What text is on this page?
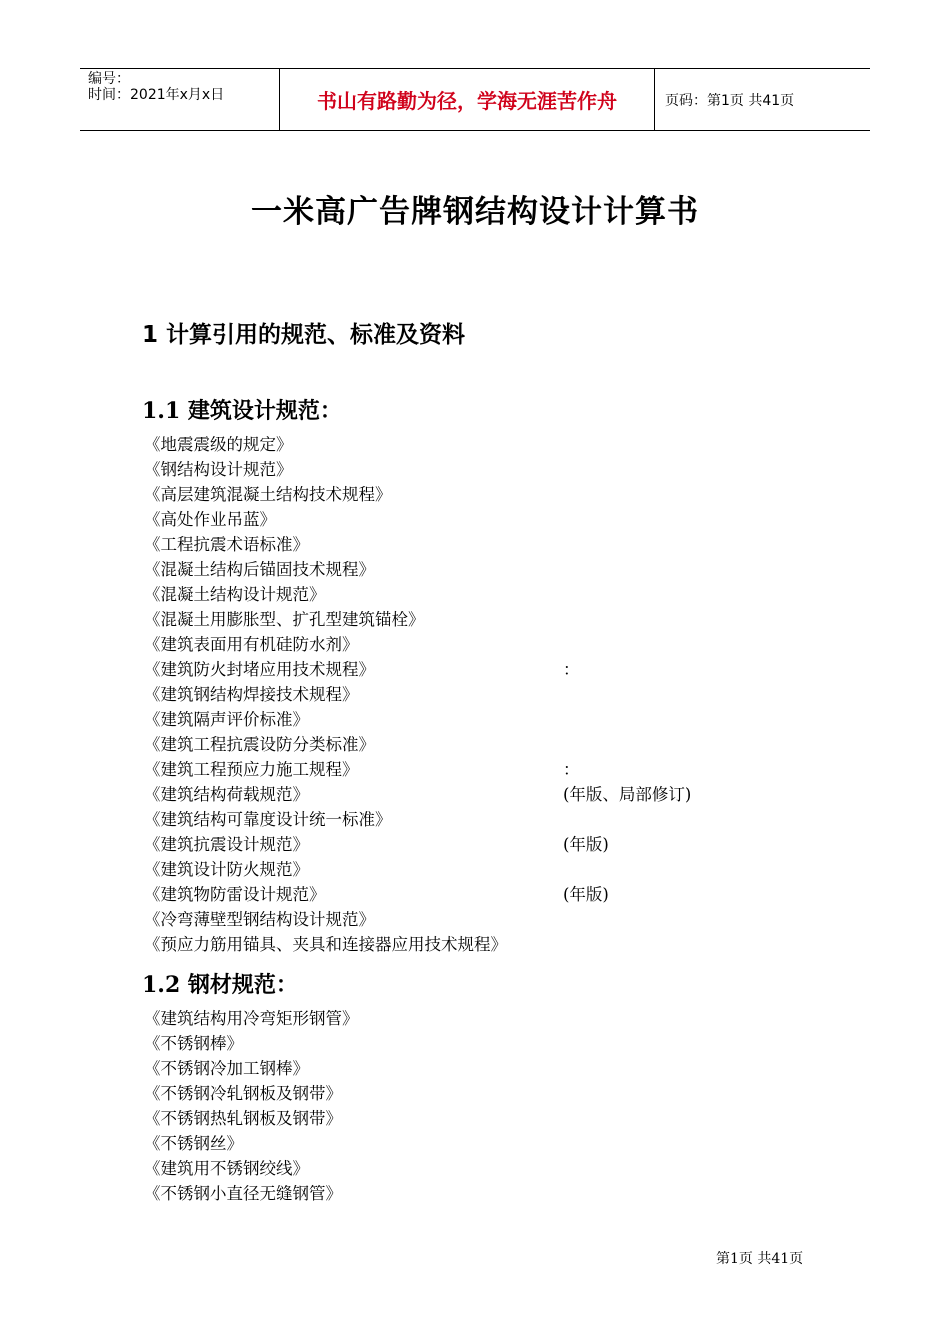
编号：
时间：2021年x月x日	书山有路勤为径，学海无涯苦作舟	页码：第1页 共41页
一米高广告牌钢结构设计计算书
1 计算引用的规范、标准及资料
1.1 建筑设计规范：
《地震震级的规定》
《钢结构设计规范》
《高层建筑混凝土结构技术规程》
《高处作业吊蓝》
《工程抗震术语标准》
《混凝土结构后锚固技术规程》
《混凝土结构设计规范》
《混凝土用膨胀型、扩孔型建筑锚栓》
《建筑表面用有机硅防水剂》
《建筑防火封堵应用技术规程》	：
《建筑钢结构焊接技术规程》
《建筑隔声评价标准》
《建筑工程抗震设防分类标准》
《建筑工程预应力施工规程》	：
《建筑结构荷载规范》	(年版、局部修订)
《建筑结构可靠度设计统一标准》
《建筑抗震设计规范》	(年版)
《建筑设计防火规范》
《建筑物防雷设计规范》	(年版)
《冷弯薄壁型钢结构设计规范》
《预应力筋用锚具、夹具和连接器应用技术规程》
1.2 钢材规范：
《建筑结构用冷弯矩形钢管》
《不锈钢棒》
《不锈钢冷加工钢棒》
《不锈钢冷轧钢板及钢带》
《不锈钢热轧钢板及钢带》
《不锈钢丝》
《建筑用不锈钢绞线》
《不锈钢小直径无缝钢管》
第1页 共41页
